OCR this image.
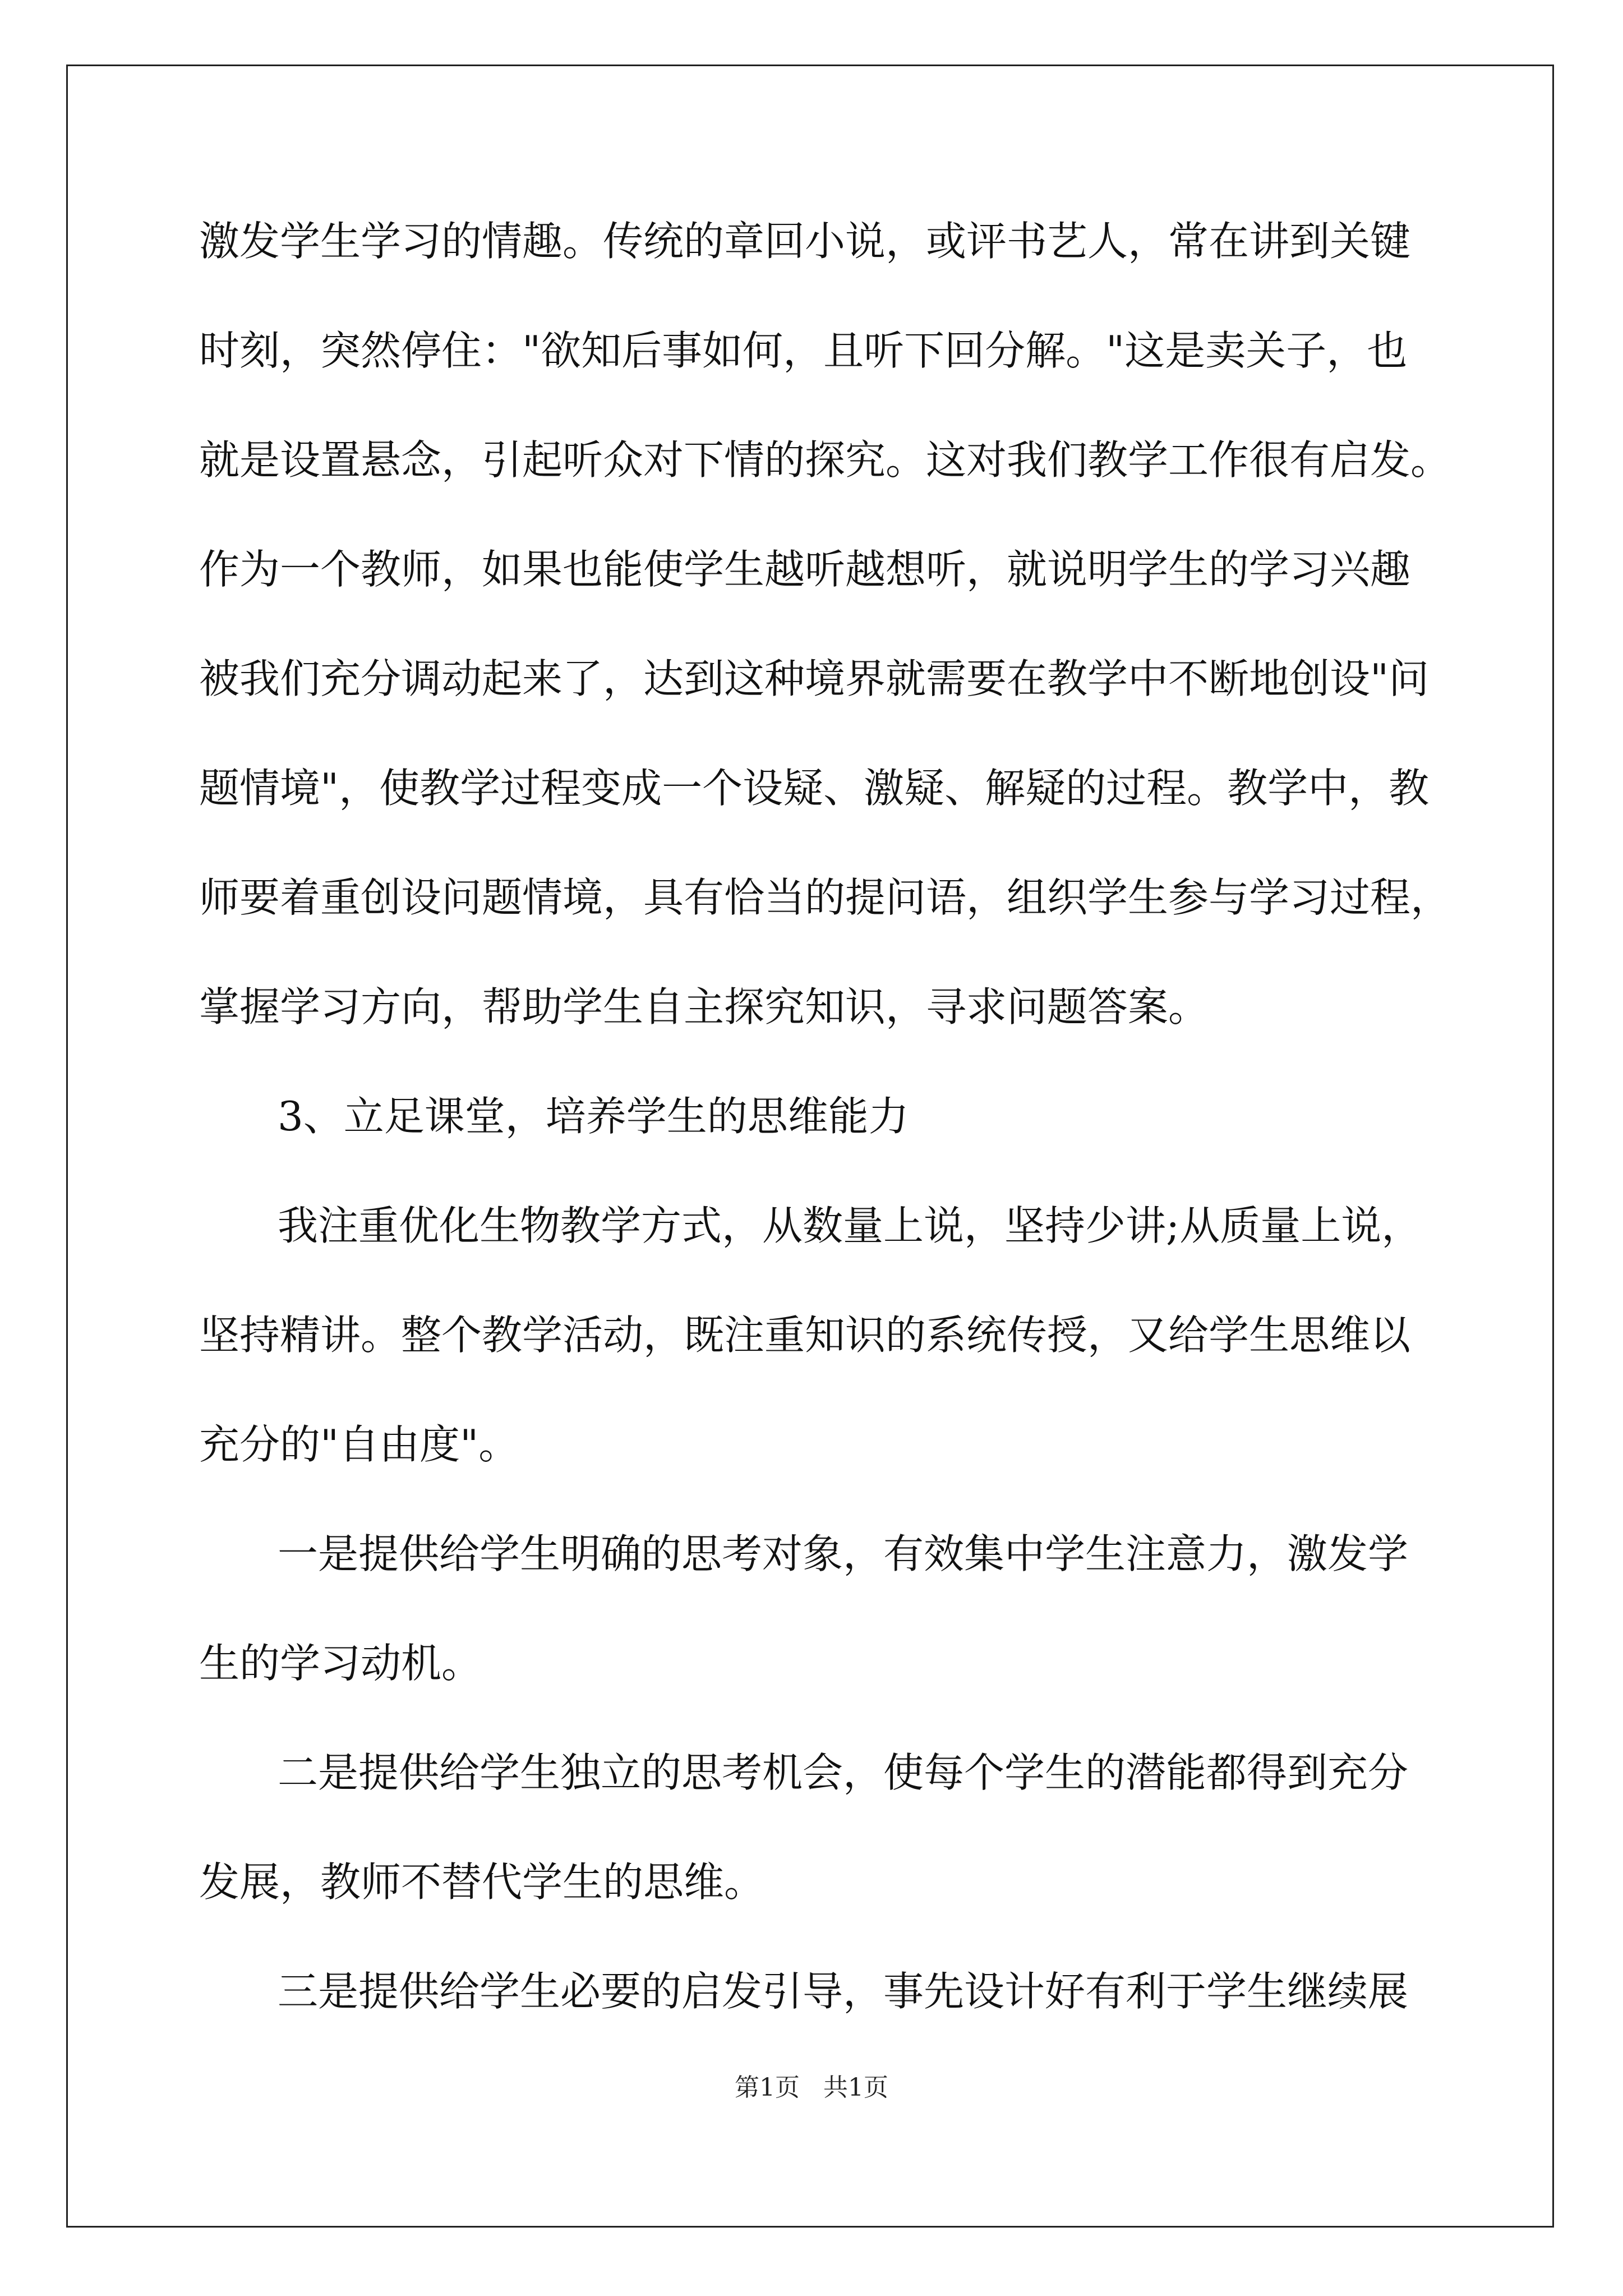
激发学生学习的情趣。传统的章回小说，或评书艺人，常在讲到关键
时刻，突然停住："欲知后事如何，且听下回分解。"这是卖关子，也
就是设置悬念，引起听众对下情的探究。这对我们教学工作很有启发。
作为一个教师，如果也能使学生越听越想听，就说明学生的学习兴趣
被我们充分调动起来了，达到这种境界就需要在教学中不断地创设"问
题情境"，使教学过程变成一个设疑、激疑、解疑的过程。教学中，教
师要着重创设问题情境，具有恰当的提问语，组织学生参与学习过程，
掌握学习方向，帮助学生自主探究知识，寻求问题答案。
3、立足课堂，培养学生的思维能力
我注重优化生物教学方式，从数量上说，坚持少讲;从质量上说，
坚持精讲。整个教学活动，既注重知识的系统传授，又给学生思维以
充分的"自由度"。
一是提供给学生明确的思考对象，有效集中学生注意力，激发学
生的学习动机。
二是提供给学生独立的思考机会，使每个学生的潜能都得到充分
发展，教师不替代学生的思维。
三是提供给学生必要的启发引导，事先设计好有利于学生继续展
第1页   共1页
